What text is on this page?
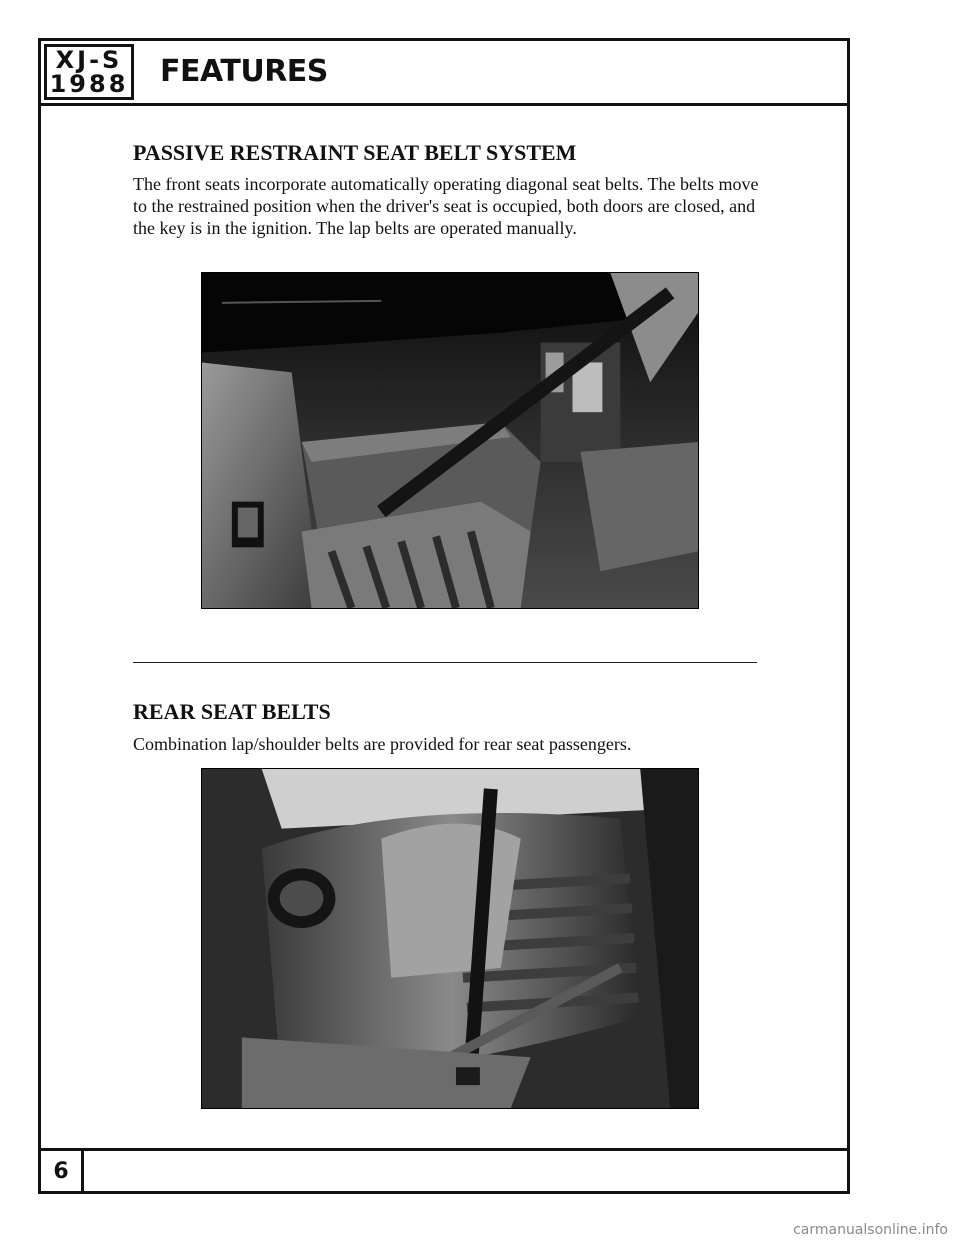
XJ-S
1988 FEATURES
PASSIVE RESTRAINT SEAT BELT SYSTEM

The front seats incorporate automatically operating diagonal seat belts. The belts move to the restrained position when the driver's seat is occupied, both doors are closed, and the key is in the ignition. The lap belts are operated manually.

REAR SEAT BELTS

Combination lap/shoulder belts are provided for rear seat passengers.

6
carmanualsonline.info
